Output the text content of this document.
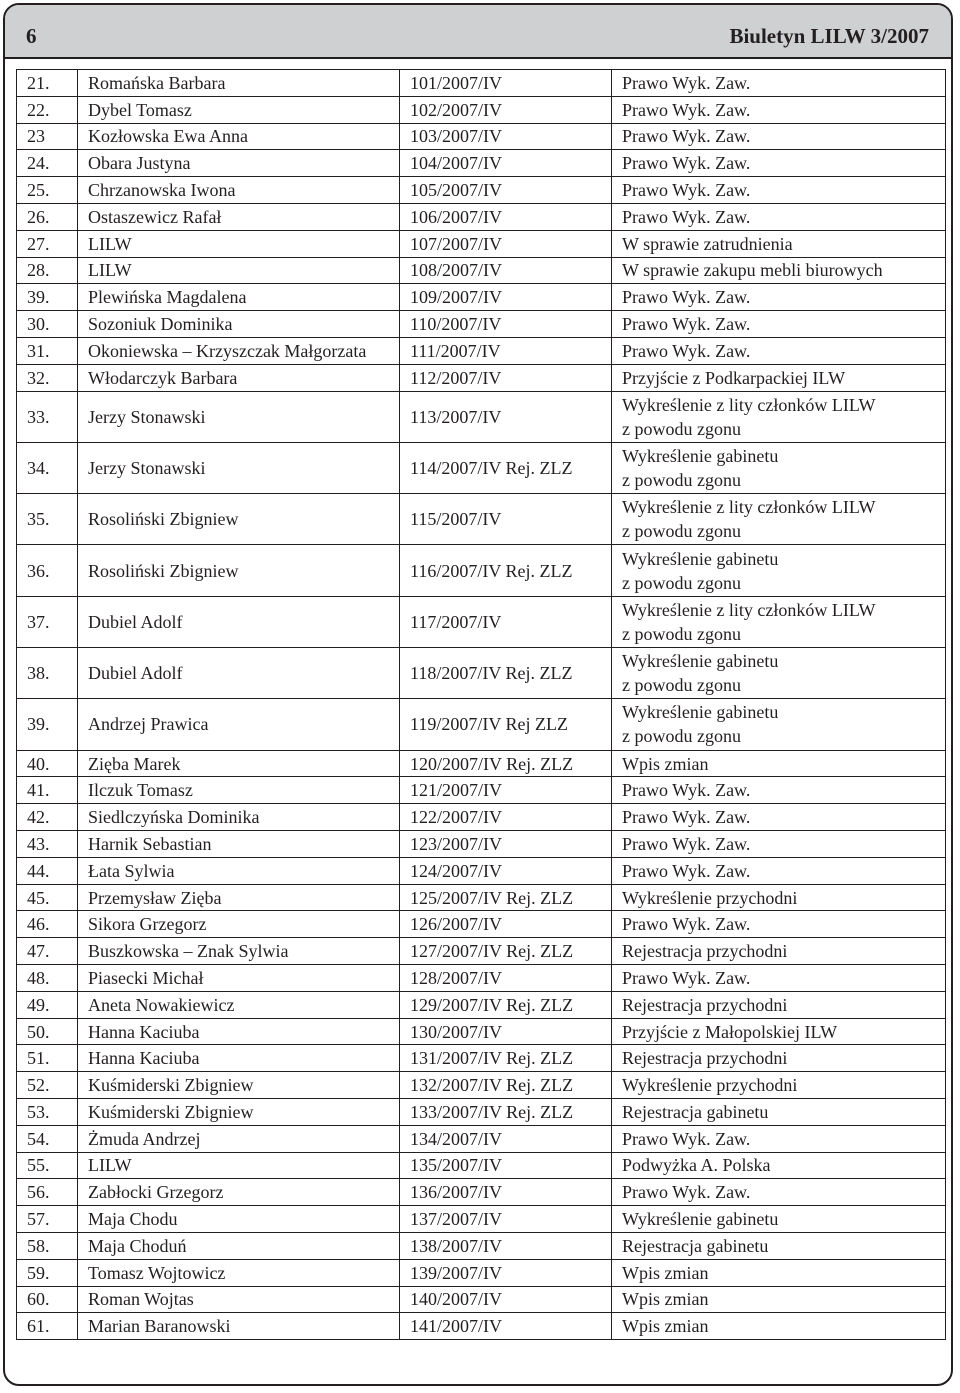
6	Biuletyn LILW 3/2007
21.	Romańska Barbara	101/2007/IV	Prawo Wyk. Zaw.

22.	Dybel Tomasz	102/2007/IV	Prawo Wyk. Zaw.

23	Kozłowska Ewa Anna	103/2007/IV	Prawo Wyk. Zaw.

24.	Obara Justyna	104/2007/IV	Prawo Wyk. Zaw.

25.	Chrzanowska Iwona	105/2007/IV	Prawo Wyk. Zaw.

26.	Ostaszewicz Rafał	106/2007/IV	Prawo Wyk. Zaw.

27.	LILW	107/2007/IV	W sprawie zatrudnienia

28.	LILW	108/2007/IV	W sprawie zakupu mebli biurowych

39.	Plewińska Magdalena	109/2007/IV	Prawo Wyk. Zaw.

30.	Sozoniuk Dominika	110/2007/IV	Prawo Wyk. Zaw.

31.	Okoniewska – Krzyszczak Małgorzata	111/2007/IV	Prawo Wyk. Zaw.

32.	Włodarczyk Barbara	112/2007/IV	Przyjście z Podkarpackiej ILW

33.	Jerzy Stonawski	113/2007/IV	Wykreślenie z lity członków LILW
z powodu zgonu

34.	Jerzy Stonawski	114/2007/IV Rej. ZLZ	Wykreślenie gabinetu
z powodu zgonu

35.	Rosoliński Zbigniew	115/2007/IV	Wykreślenie z lity członków LILW
z powodu zgonu

36.	Rosoliński Zbigniew	116/2007/IV Rej. ZLZ	Wykreślenie gabinetu
z powodu zgonu

37.	Dubiel Adolf	117/2007/IV	Wykreślenie z lity członków LILW
z powodu zgonu

38.	Dubiel Adolf	118/2007/IV Rej. ZLZ	Wykreślenie gabinetu
z powodu zgonu

39.	Andrzej Prawica	119/2007/IV Rej ZLZ	Wykreślenie gabinetu
z powodu zgonu

40.	Zięba Marek	120/2007/IV Rej. ZLZ	Wpis zmian

41.	Ilczuk Tomasz	121/2007/IV	Prawo Wyk. Zaw.

42.	Siedlczyńska Dominika	122/2007/IV	Prawo Wyk. Zaw.

43.	Harnik Sebastian	123/2007/IV	Prawo Wyk. Zaw.

44.	Łata Sylwia	124/2007/IV	Prawo Wyk. Zaw.

45.	Przemysław Zięba	125/2007/IV Rej. ZLZ	Wykreślenie przychodni

46.	Sikora Grzegorz	126/2007/IV	Prawo Wyk. Zaw.

47.	Buszkowska – Znak Sylwia	127/2007/IV Rej. ZLZ	Rejestracja przychodni

48.	Piasecki Michał	128/2007/IV	Prawo Wyk. Zaw.

49.	Aneta Nowakiewicz	129/2007/IV Rej. ZLZ	Rejestracja przychodni

50.	Hanna Kaciuba	130/2007/IV	Przyjście z Małopolskiej ILW

51.	Hanna Kaciuba	131/2007/IV Rej. ZLZ	Rejestracja przychodni

52.	Kuśmiderski Zbigniew	132/2007/IV Rej. ZLZ	Wykreślenie przychodni

53.	Kuśmiderski Zbigniew	133/2007/IV Rej. ZLZ	Rejestracja gabinetu

54.	Żmuda Andrzej	134/2007/IV	Prawo Wyk. Zaw.

55.	LILW	135/2007/IV	Podwyżka A. Polska

56.	Zabłocki Grzegorz	136/2007/IV	Prawo Wyk. Zaw.

57.	Maja Chodu	137/2007/IV	Wykreślenie gabinetu

58.	Maja Choduń	138/2007/IV	Rejestracja gabinetu

59.	Tomasz Wojtowicz	139/2007/IV	Wpis zmian

60.	Roman Wojtas	140/2007/IV	Wpis zmian

61.	Marian Baranowski	141/2007/IV	Wpis zmian
